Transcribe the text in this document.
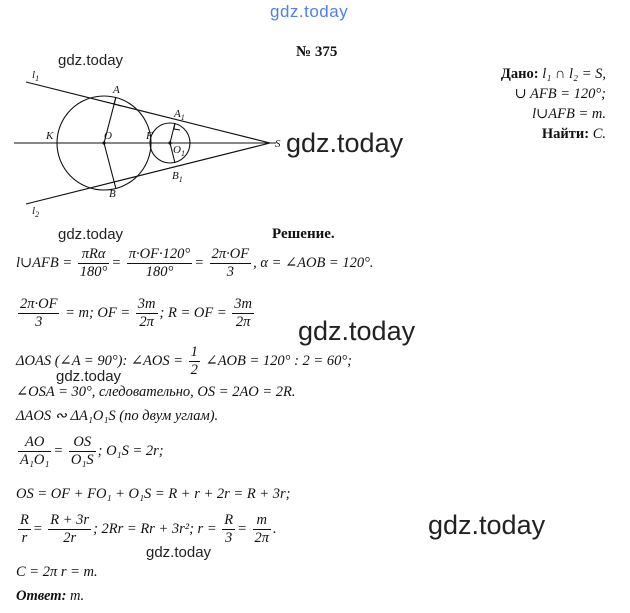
gdz.today
gdz.today
gdz.today
gdz.today
gdz.today
gdz.today
gdz.today
gdz.today
№ 375
$l_1$
$l_2$
K	O	F
A
B
$A_1$
$B_1$
$O_1$
S
Дано: l₁ ∩ l₂ = S,
∪ AFB = 120°;
l∪AFB = m.
Найти: C.
Решение.
l∪AFB = $\frac{\text{πRα}}{180^\circ} = \frac{\pi\cdot OF\cdot 120^\circ}{180^\circ} = \frac{2\pi\cdot OF}{3}$ , α = ∠AOB = 120°.
$\frac{2\pi\cdot OF}{3} = m$; OF = $\frac{3m}{2\pi}$ ; R = OF = $\frac{3m}{2\pi}$
ΔOAS (∠A = 90°): ∠AOS = $\frac{1}{2}$ ∠AOB = 120° : 2 = 60°;
∠OSA = 30°, следовательно, OS = 2AO = 2R.
ΔAOS ∾ ΔA₁O₁S (по двум углам).
$\frac{AO}{\text{A₁O₁}} = \frac{OS}{\text{O₁S}}$ ; O₁S = 2r;
OS = OF + FO₁ + O₁S = R + r + 2r = R + 3r;
$\frac{R}{r} = \frac{R + 3r}{2r}$ ; 2Rr = Rr + 3r²; $r = \frac{R}{3} = \frac{m}{2\pi}$ .
C = 2π r = m.
Ответ: m.
